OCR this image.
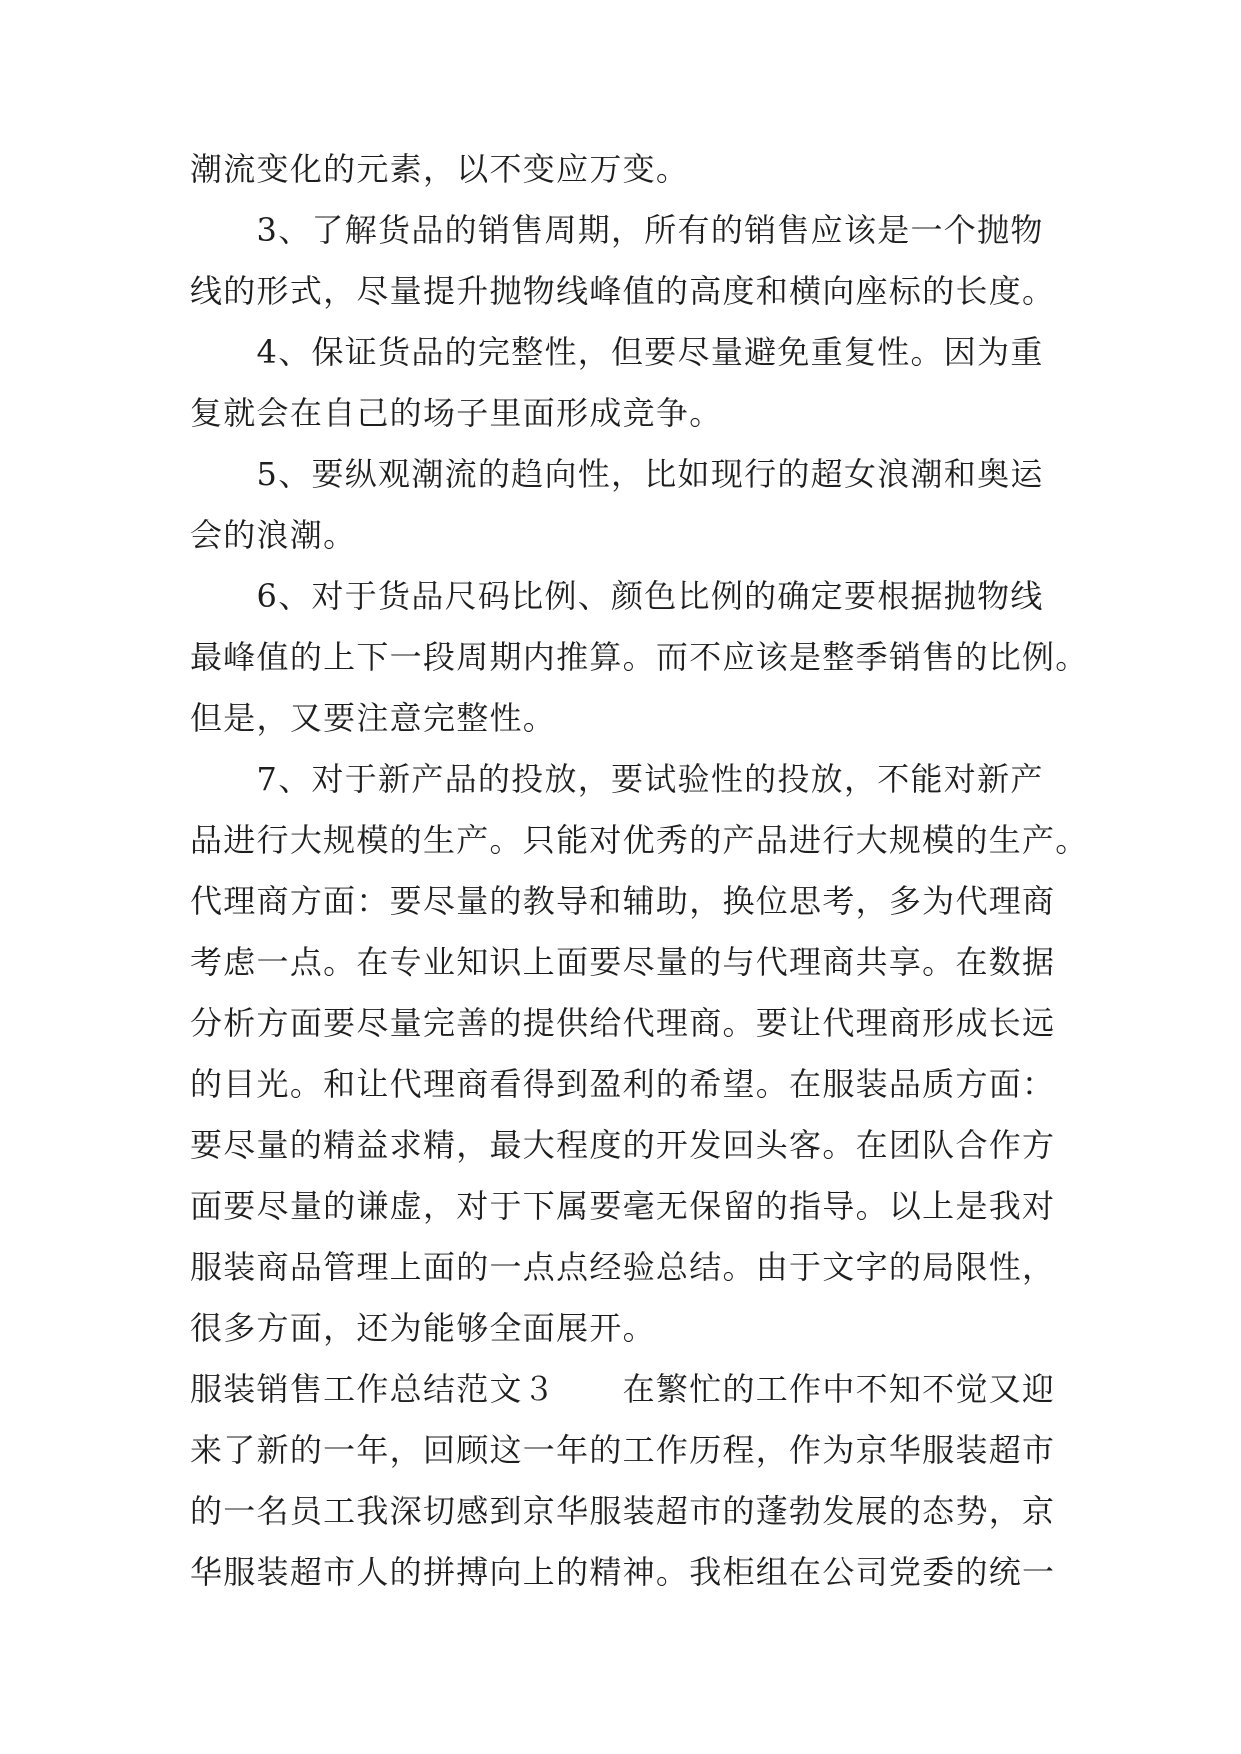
潮流变化的元素，以不变应万变。
　　3、了解货品的销售周期，所有的销售应该是一个抛物
线的形式，尽量提升抛物线峰值的高度和横向座标的长度。
　　4、保证货品的完整性，但要尽量避免重复性。因为重
复就会在自己的场子里面形成竞争。
　　5、要纵观潮流的趋向性，比如现行的超女浪潮和奥运
会的浪潮。
　　6、对于货品尺码比例、颜色比例的确定要根据抛物线
最峰值的上下一段周期内推算。而不应该是整季销售的比例。
但是，又要注意完整性。
　　7、对于新产品的投放，要试验性的投放，不能对新产
品进行大规模的生产。只能对优秀的产品进行大规模的生产。
代理商方面：要尽量的教导和辅助，换位思考，多为代理商
考虑一点。在专业知识上面要尽量的与代理商共享。在数据
分析方面要尽量完善的提供给代理商。要让代理商形成长远
的目光。和让代理商看得到盈利的希望。在服装品质方面：
要尽量的精益求精，最大程度的开发回头客。在团队合作方
面要尽量的谦虚，对于下属要毫无保留的指导。以上是我对
服装商品管理上面的一点点经验总结。由于文字的局限性，
很多方面，还为能够全面展开。
服装销售工作总结范文３　　在繁忙的工作中不知不觉又迎
来了新的一年，回顾这一年的工作历程，作为京华服装超市
的一名员工我深切感到京华服装超市的蓬勃发展的态势，京
华服装超市人的拼搏向上的精神。我柜组在公司党委的统一
